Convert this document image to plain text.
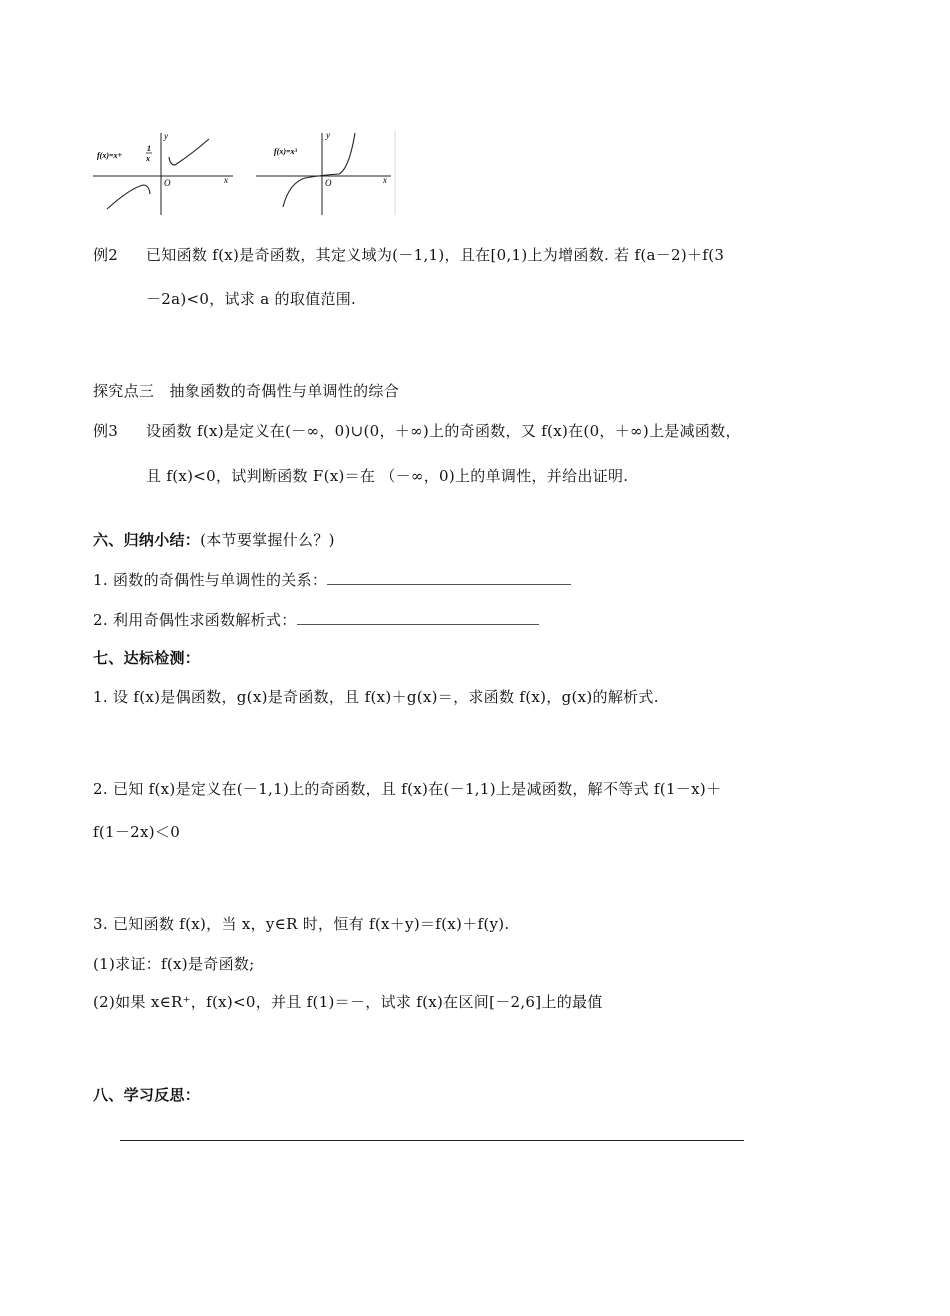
f(x)=x+
1
x
O	x
y
f(x)=x³
O	x
y
例2 已知函数 f(x)是奇函数，其定义域为(－1,1)，且在[0,1)上为增函数. 若 f(a－2)＋f(3
－2a)<0，试求 a 的取值范围.
探究点三　抽象函数的奇偶性与单调性的综合
例3 设函数 f(x)是定义在(－∞，0)∪(0，＋∞)上的奇函数，又 f(x)在(0，＋∞)上是减函数，
且 f(x)<0，试判断函数 F(x)＝在 （－∞，0)上的单调性，并给出证明.
六、归纳小结：(本节要掌握什么？)
1. 函数的奇偶性与单调性的关系：
2. 利用奇偶性求函数解析式：
七、达标检测：
1. 设 f(x)是偶函数，g(x)是奇函数，且 f(x)＋g(x)＝，求函数 f(x)，g(x)的解析式.
2. 已知 f(x)是定义在(－1,1)上的奇函数，且 f(x)在(－1,1)上是减函数，解不等式 f(1－x)＋
f(1－2x)＜0
3. 已知函数 f(x)，当 x，y∈R 时，恒有 f(x＋y)＝f(x)＋f(y).
(1)求证：f(x)是奇函数;
(2)如果 x∈R⁺，f(x)<0，并且 f(1)＝－，试求 f(x)在区间[－2,6]上的最值
八、学习反思：
